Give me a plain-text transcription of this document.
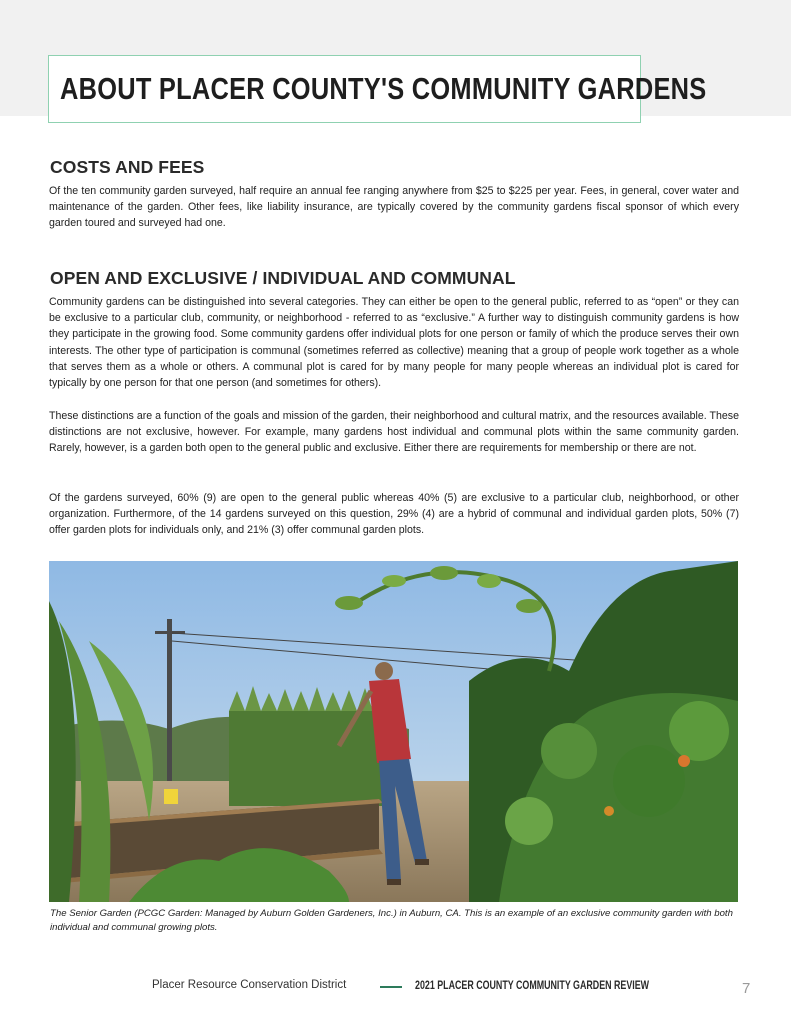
ABOUT PLACER COUNTY'S COMMUNITY GARDENS
COSTS AND FEES

Of the ten community garden surveyed, half require an annual fee ranging anywhere from $25 to $225 per year. Fees, in general, cover water and maintenance of the garden. Other fees, like liability insurance, are typically covered by the community gardens fiscal sponsor of which every garden toured and surveyed had one.

OPEN AND EXCLUSIVE / INDIVIDUAL AND COMMUNAL

Community gardens can be distinguished into several categories. They can either be open to the general public, referred to as “open” or they can be exclusive to a particular club, community, or neighborhood - referred to as “exclusive.” A further way to distinguish community gardens is how they participate in the growing food. Some community gardens offer individual plots for one person or family of which the produce serves their own interests. The other type of participation is communal (sometimes referred as collective) meaning that a group of people work together as a whole that serves them as a whole or others. A communal plot is cared for by many people for many people whereas an individual plot is cared for typically by one person for that one person (and sometimes for others).

These distinctions are a function of the goals and mission of the garden, their neighborhood and cultural matrix, and the resources available. These distinctions are not exclusive, however. For example, many gardens host individual and communal plots within the same community garden. Rarely, however, is a garden both open to the general public and exclusive. Either there are requirements for membership or there are not.

Of the gardens surveyed, 60% (9) are open to the general public whereas 40% (5) are exclusive to a particular club, neighborhood, or other organization. Furthermore, of the 14 gardens surveyed on this question, 29% (4) are a hybrid of communal and individual garden plots, 50% (7) offer garden plots for individuals only, and 21% (3) offer communal garden plots.

The Senior Garden (PCGC Garden: Managed by Auburn Golden Gardeners, Inc.) in Auburn, CA. This is an example of an exclusive community garden with both individual and communal growing plots.

Placer Resource Conservation District	2021 PLACER COUNTY COMMUNITY GARDEN REVIEW	7
